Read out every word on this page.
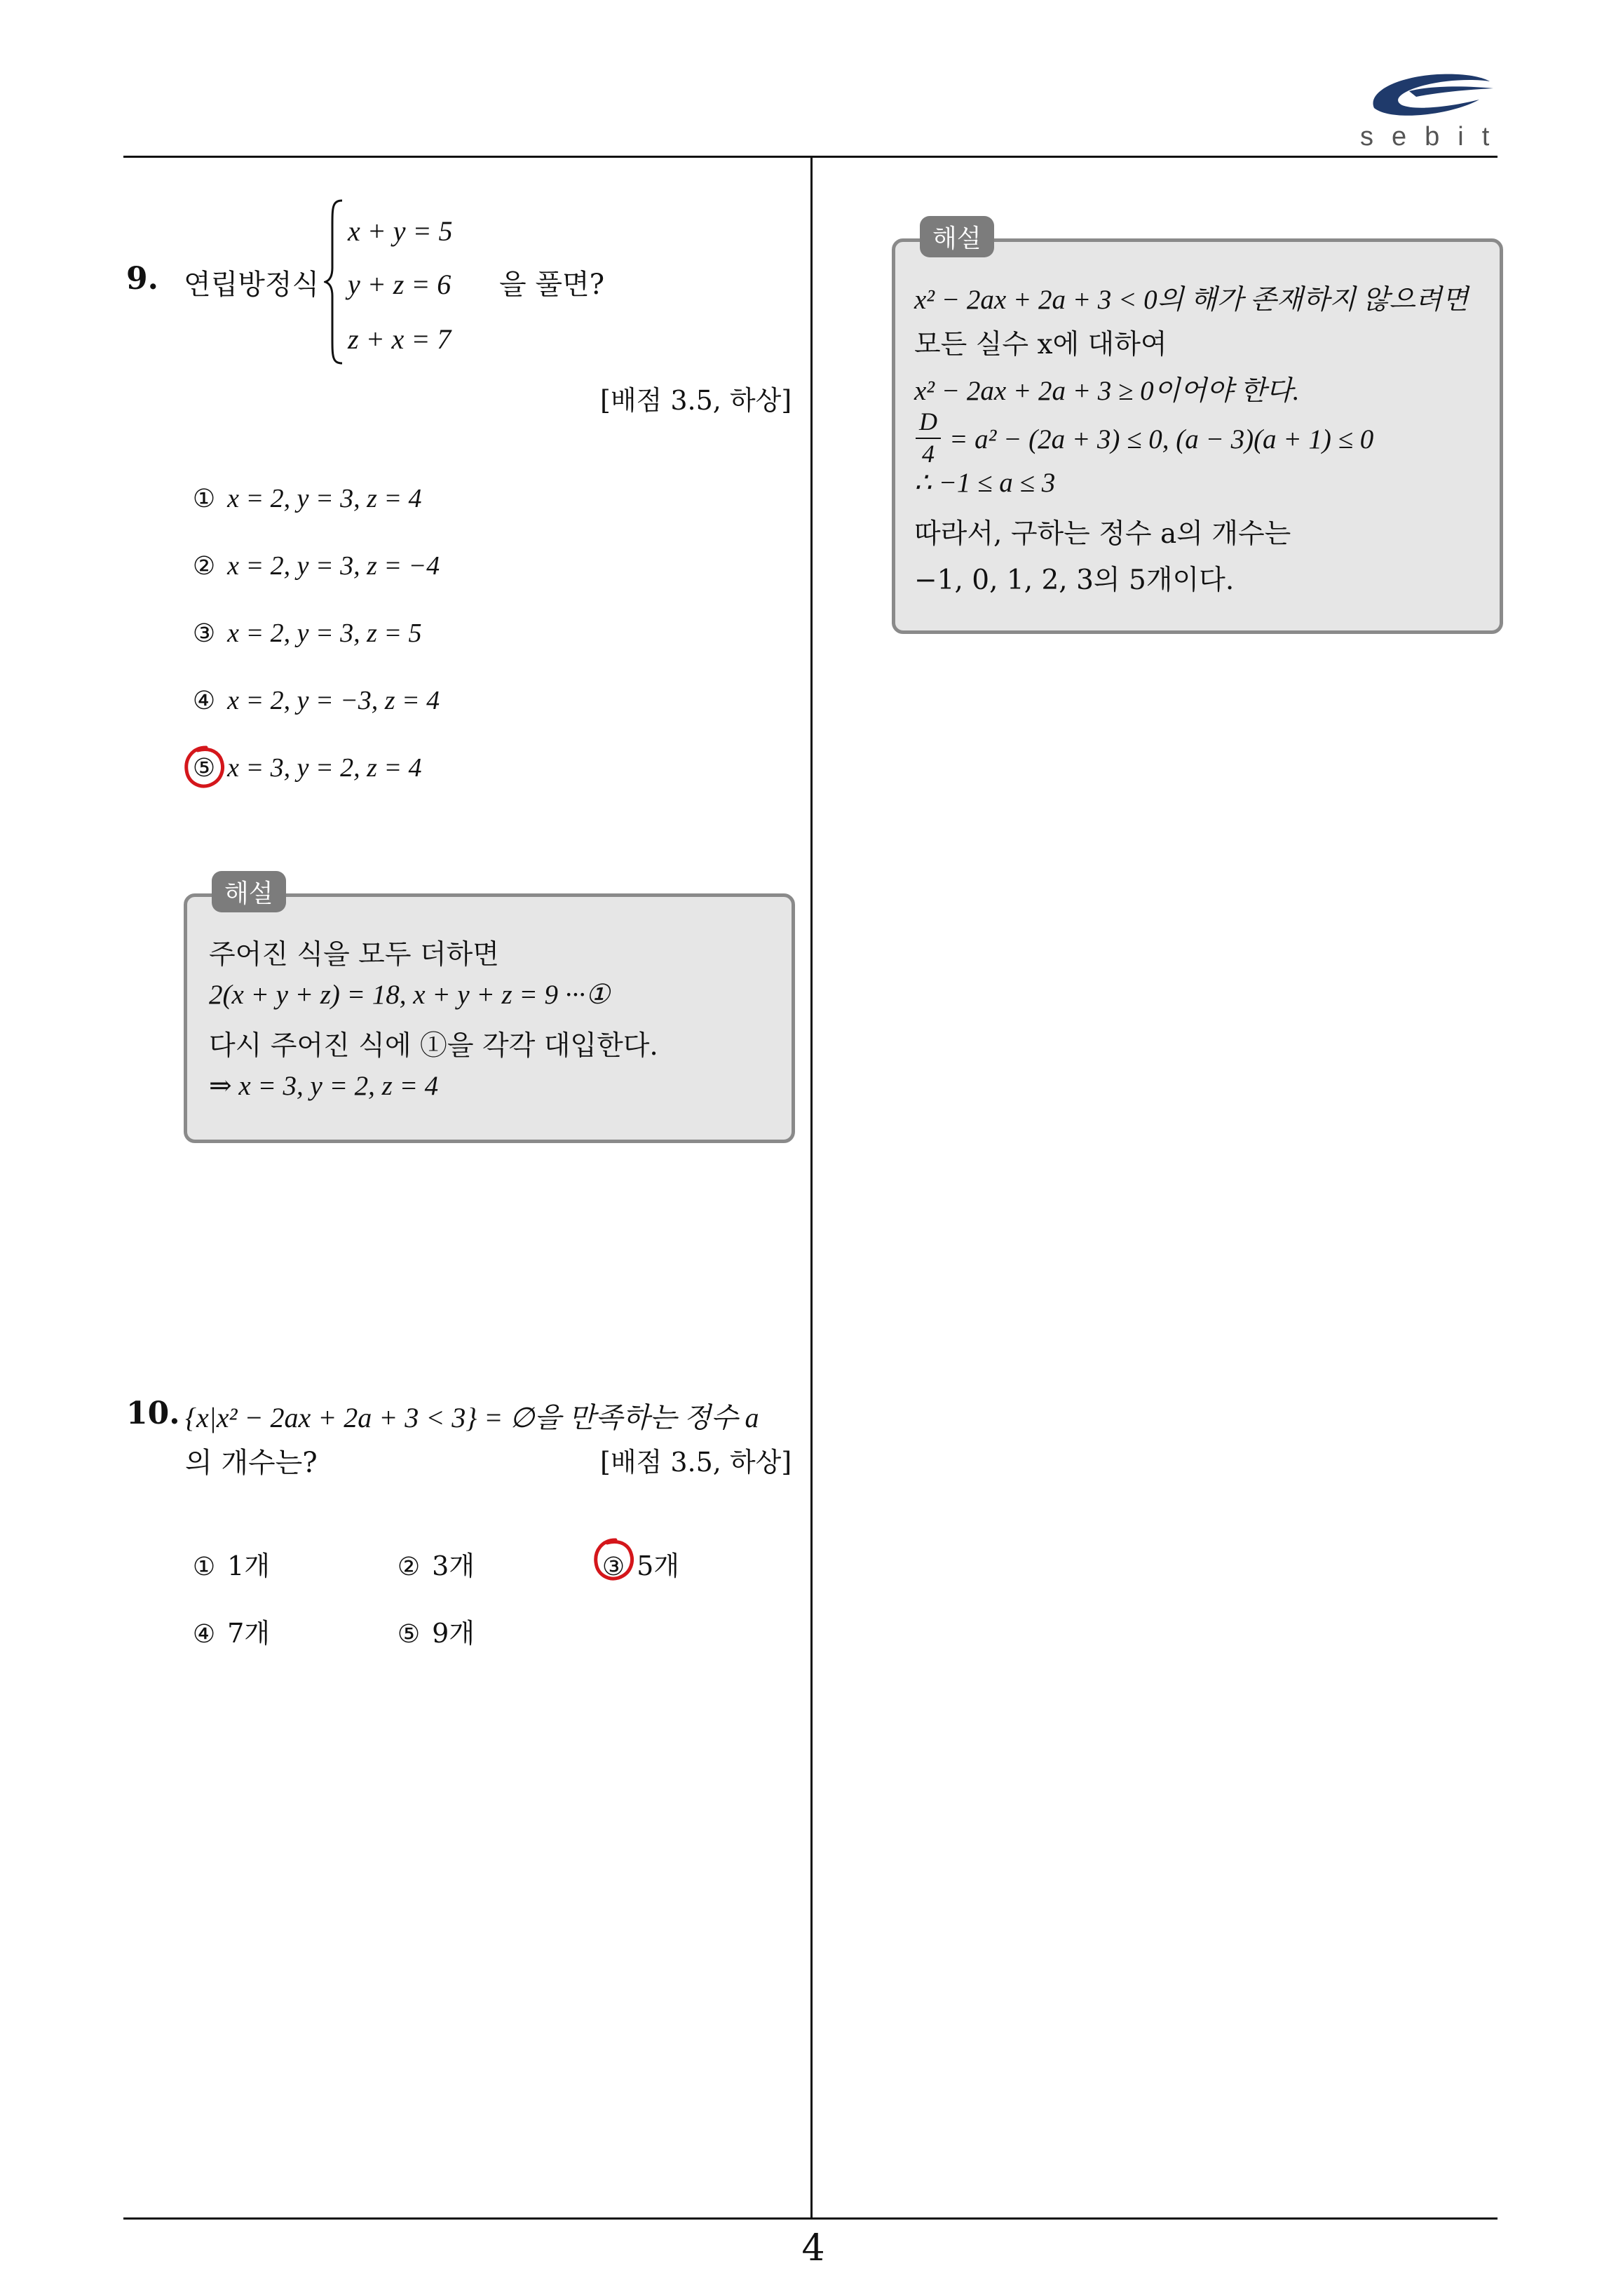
sebit
9. 연립방정식
x + y = 5
y + z = 6
z + x = 7
을 풀면?
[배점 3.5, 하상]
① x = 2, y = 3, z = 4
② x = 2, y = 3, z = −4
③ x = 2, y = 3, z = 5
④ x = 2, y = −3, z = 4
⑤ x = 3, y = 2, z = 4
해설
주어진 식을 모두 더하면
2(x + y + z) = 18, x + y + z = 9 ···①
다시 주어진 식에 ①을 각각 대입한다.
⇒ x = 3, y = 2, z = 4
10. {x|x² − 2ax + 2a + 3 < 3} = ∅을 만족하는 정수 a
의 개수는?	[배점 3.5, 하상]
① 1개	② 3개	③ 5개
④ 7개	⑤ 9개
해설
x² − 2ax + 2a + 3 < 0의 해가 존재하지 않으려면
모든 실수 x에 대하여
x² − 2ax + 2a + 3 ≥ 0이어야 한다.
$\frac{D}{4} = a^2 - (2a + 3) \le 0$, (a − 3)(a + 1) ≤ 0
∴ −1 ≤ a ≤ 3
따라서, 구하는 정수 a의 개수는
−1, 0, 1, 2, 3의 5개이다.
4
